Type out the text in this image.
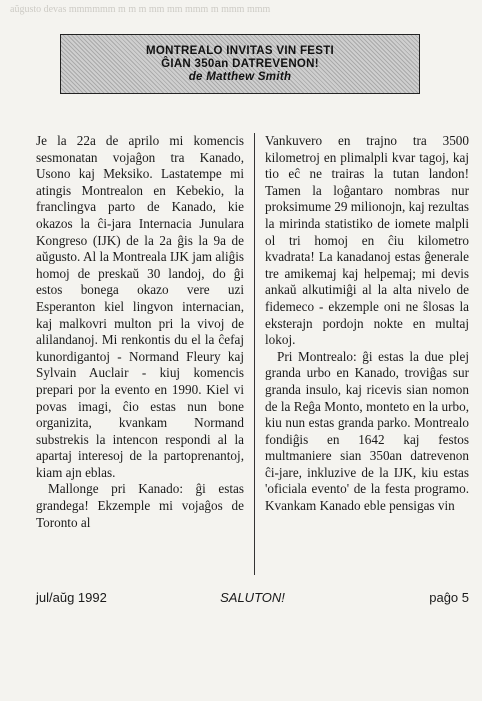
aŭgusto devas mmmmmm m m m mm mm mmm m mmm mmm
MONTREALO INVITAS VIN FESTI
ĜIAN 350an DATREVENON!
de Matthew Smith

Je la 22a de aprilo mi komencis sesmonatan vojaĝon tra Kanado, Usono kaj Meksiko. Lastatempe mi atingis Montrealon en Kebekio, la franclingva parto de Kanado, kie okazos la ĉi-jara Internacia Junulara Kongreso (IJK) de la 2a ĝis la 9a de aŭgusto. Al la Montreala IJK jam aliĝis homoj de preskaŭ 30 landoj, do ĝi estos bonega okazo vere uzi Esperanton kiel lingvon internacian, kaj malkovri multon pri la vivoj de alilandanoj. Mi renkontis du el la ĉefaj kunordigantoj - Normand Fleury kaj Sylvain Auclair - kiuj komencis prepari por la evento en 1990. Kiel vi povas imagi, ĉio estas nun bone organizita, kvankam Normand substrekis la intencon respondi al la apartaj interesoj de la partoprenantoj, kiam ajn eblas.

Mallonge pri Kanado: ĝi estas grandega! Ekzemple mi vojaĝos de Toronto al

Vankuvero en trajno tra 3500 kilometroj en plimalpli kvar tagoj, kaj tio eĉ ne trairas la tutan landon! Tamen la loĝantaro nombras nur proksimume 29 milionojn, kaj rezultas la mirinda statistiko de iomete malpli ol tri homoj en ĉiu kilometro kvadrata! La kanadanoj estas ĝenerale tre amikemaj kaj helpemaj; mi devis ankaŭ alkutimiĝi al la alta nivelo de fidemeco - ekzemple oni ne ŝlosas la eksterajn pordojn nokte en multaj lokoj.

Pri Montrealo: ĝi estas la due plej granda urbo en Kanado, troviĝas sur granda insulo, kaj ricevis sian nomon de la Reĝa Monto, monteto en la urbo, kiu nun estas granda parko. Montrealo fondiĝis en 1642 kaj festos multmaniere sian 350an datrevenon ĉi-jare, inkluzive de la IJK, kiu estas 'oficiala evento' de la festa programo. Kvankam Kanado eble pensigas vin

jul/aŭg 1992	SALUTON!	paĝo 5
